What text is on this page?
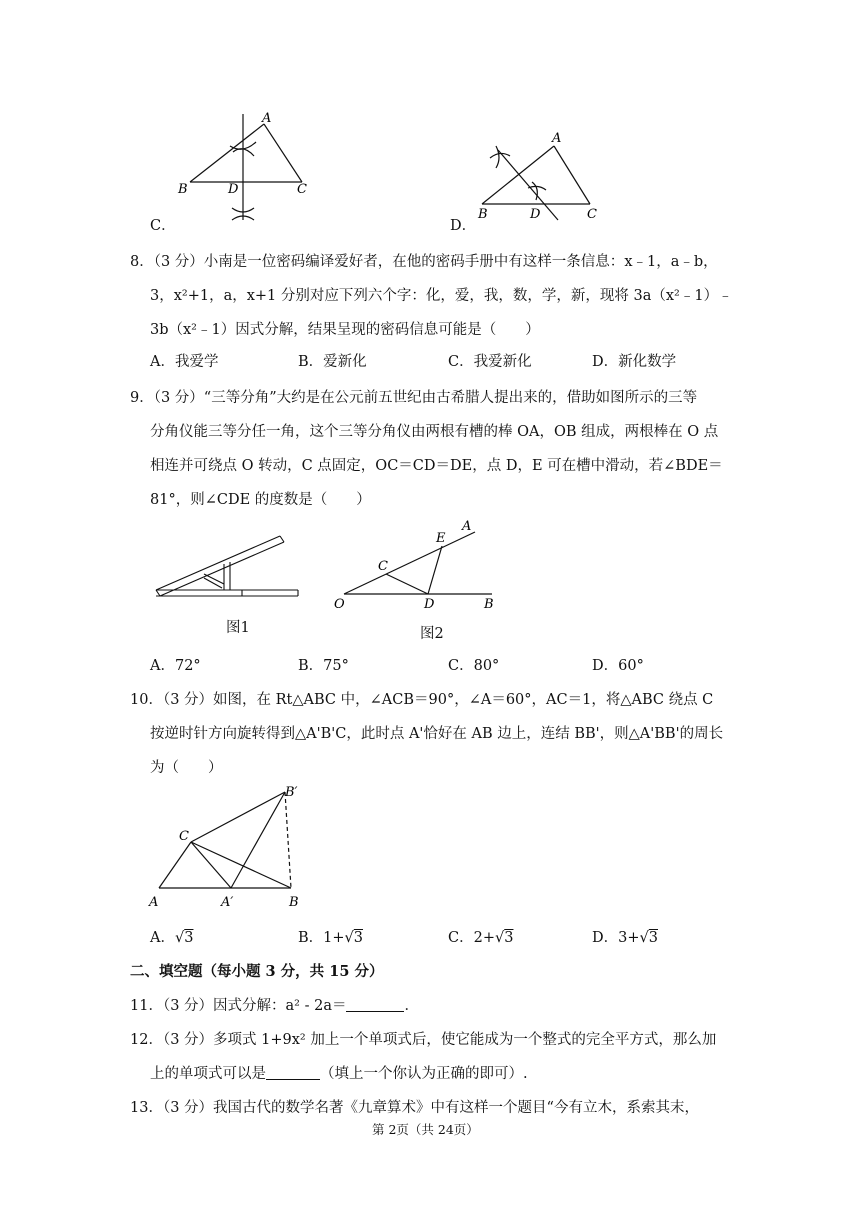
A
B	D	C
C．
A
B	D	C
D．
8．（3 分）小南是一位密码编译爱好者，在他的密码手册中有这样一条信息：x﹣1，a﹣b，
3，x²+1，a，x+1 分别对应下列六个字：化，爱，我，数，学，新，现将 3a（x²﹣1）﹣
3b（x²﹣1）因式分解，结果呈现的密码信息可能是（　　）
A．我爱学	B．爱新化	C．我爱新化	D．新化数学
9．（3 分）“三等分角”大约是在公元前五世纪由古希腊人提出来的，借助如图所示的三等
分角仪能三等分任一角，这个三等分角仪由两根有槽的棒 OA，OB 组成，两根棒在 O 点
相连并可绕点 O 转动，C 点固定，OC＝CD＝DE，点 D，E 可在槽中滑动，若∠BDE＝
81°，则∠CDE 的度数是（　　）
图1
O
C
E
A
D	B
图2
A．72°	B．75°	C．80°	D．60°
10．（3 分）如图，在 Rt△ABC 中，∠ACB＝90°，∠A＝60°，AC＝1，将△ABC 绕点 C
按逆时针方向旋转得到△A'B'C，此时点 A'恰好在 AB 边上，连结 BB'，则△A'BB'的周长
为（　　）
B′
C
A	A′	B
A．√3	B．1+√3	C．2+√3	D．3+√3
二、填空题（每小题 3 分，共 15 分）
11．（3 分）因式分解：a² - 2a＝	．
12．（3 分）多项式 1+9x² 加上一个单项式后，使它能成为一个整式的完全平方式，那么加
上的单项式可以是	（填上一个你认为正确的即可）.
13．（3 分）我国古代的数学名著《九章算术》中有这样一个题目“今有立木，系索其末，
第 2页（共 24页）
